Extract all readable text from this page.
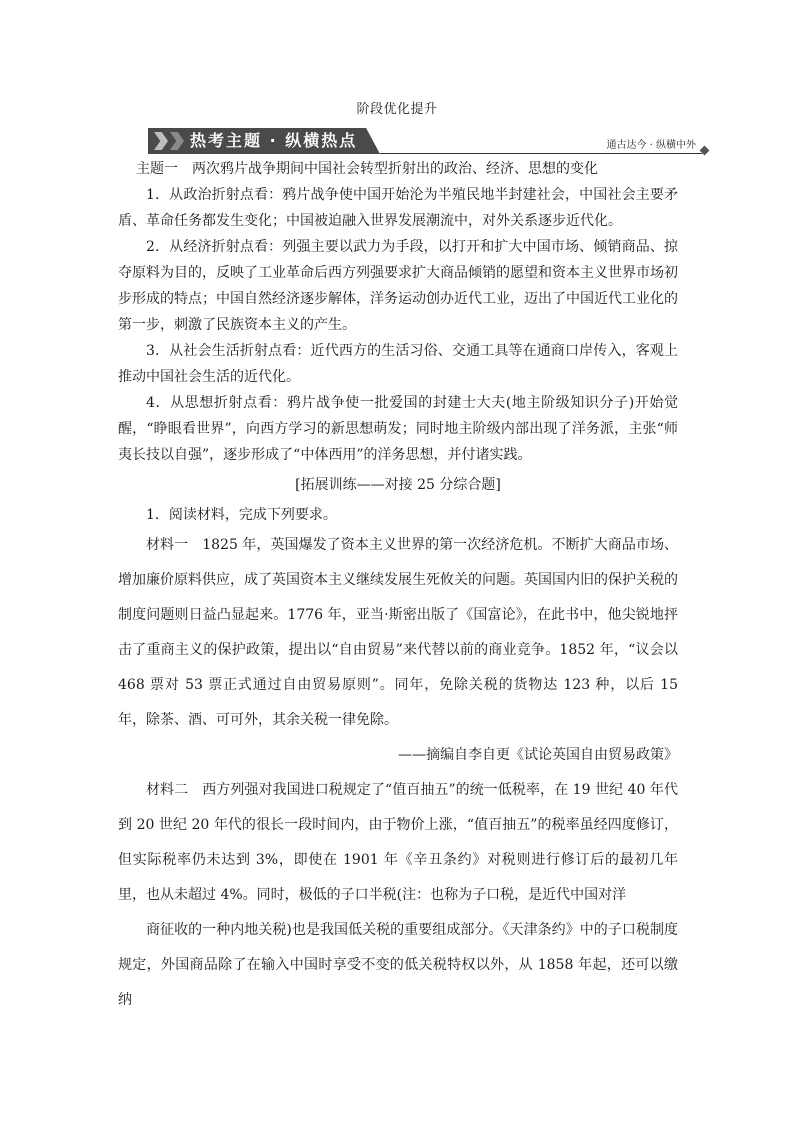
阶段优化提升
热考主题 · 纵横热点	通古达今 · 纵横中外

主题一　两次鸦片战争期间中国社会转型折射出的政治、经济、思想的变化

1．从政治折射点看：鸦片战争使中国开始沦为半殖民地半封建社会，中国社会主要矛盾、革命任务都发生变化；中国被迫融入世界发展潮流中，对外关系逐步近代化。

2．从经济折射点看：列强主要以武力为手段，以打开和扩大中国市场、倾销商品、掠夺原料为目的，反映了工业革命后西方列强要求扩大商品倾销的愿望和资本主义世界市场初步形成的特点；中国自然经济逐步解体，洋务运动创办近代工业，迈出了中国近代工业化的第一步，刺激了民族资本主义的产生。

3．从社会生活折射点看：近代西方的生活习俗、交通工具等在通商口岸传入，客观上推动中国社会生活的近代化。

4．从思想折射点看：鸦片战争使一批爱国的封建士大夫(地主阶级知识分子)开始觉醒，“睁眼看世界”，向西方学习的新思想萌发；同时地主阶级内部出现了洋务派，主张“师夷长技以自强”，逐步形成了“中体西用”的洋务思想，并付诸实践。

[拓展训练——对接 25 分综合题]

1．阅读材料，完成下列要求。

材料一　1825 年，英国爆发了资本主义世界的第一次经济危机。不断扩大商品市场、增加廉价原料供应，成了英国资本主义继续发展生死攸关的问题。英国国内旧的保护关税的制度问题则日益凸显起来。1776 年，亚当·斯密出版了《国富论》，在此书中，他尖锐地抨击了重商主义的保护政策，提出以“自由贸易”来代替以前的商业竞争。1852 年，“议会以468 票对 53 票正式通过自由贸易原则”。同年，免除关税的货物达 123 种，以后 15 年，除茶、酒、可可外，其余关税一律免除。

——摘编自李自更《试论英国自由贸易政策》

材料二　西方列强对我国进口税规定了“值百抽五”的统一低税率，在 19 世纪 40 年代到 20 世纪 20 年代的很长一段时间内，由于物价上涨，“值百抽五”的税率虽经四度修订，但实际税率仍未达到 3%，即使在 1901 年《辛丑条约》对税则进行修订后的最初几年里，也从未超过 4%。同时，极低的子口半税(注：也称为子口税，是近代中国对洋

商征收的一种内地关税)也是我国低关税的重要组成部分。《天津条约》中的子口税制度规定，外国商品除了在输入中国时享受不变的低关税特权以外，从 1858 年起，还可以缴纳
